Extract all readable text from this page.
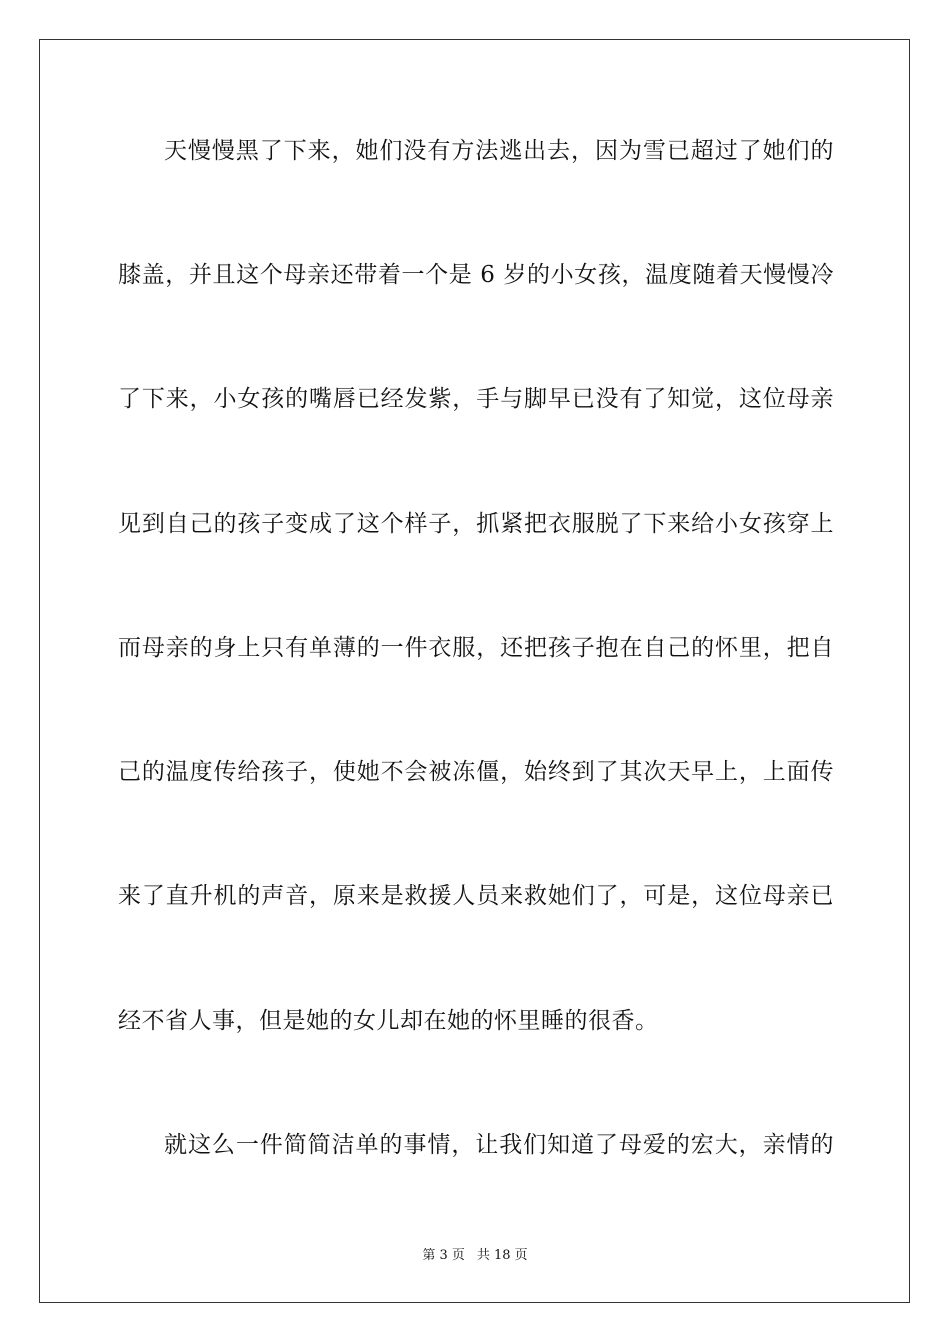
天慢慢黑了下来，她们没有方法逃出去，因为雪已超过了她们的
膝盖，并且这个母亲还带着一个是 6 岁的小女孩，温度随着天慢慢冷
了下来，小女孩的嘴唇已经发紫，手与脚早已没有了知觉，这位母亲
见到自己的孩子变成了这个样子，抓紧把衣服脱了下来给小女孩穿上
而母亲的身上只有单薄的一件衣服，还把孩子抱在自己的怀里，把自
己的温度传给孩子，使她不会被冻僵，始终到了其次天早上，上面传
来了直升机的声音，原来是救援人员来救她们了，可是，这位母亲已
经不省人事，但是她的女儿却在她的怀里睡的很香。
就这么一件简简洁单的事情，让我们知道了母爱的宏大，亲情的
第 3 页 共 18 页
